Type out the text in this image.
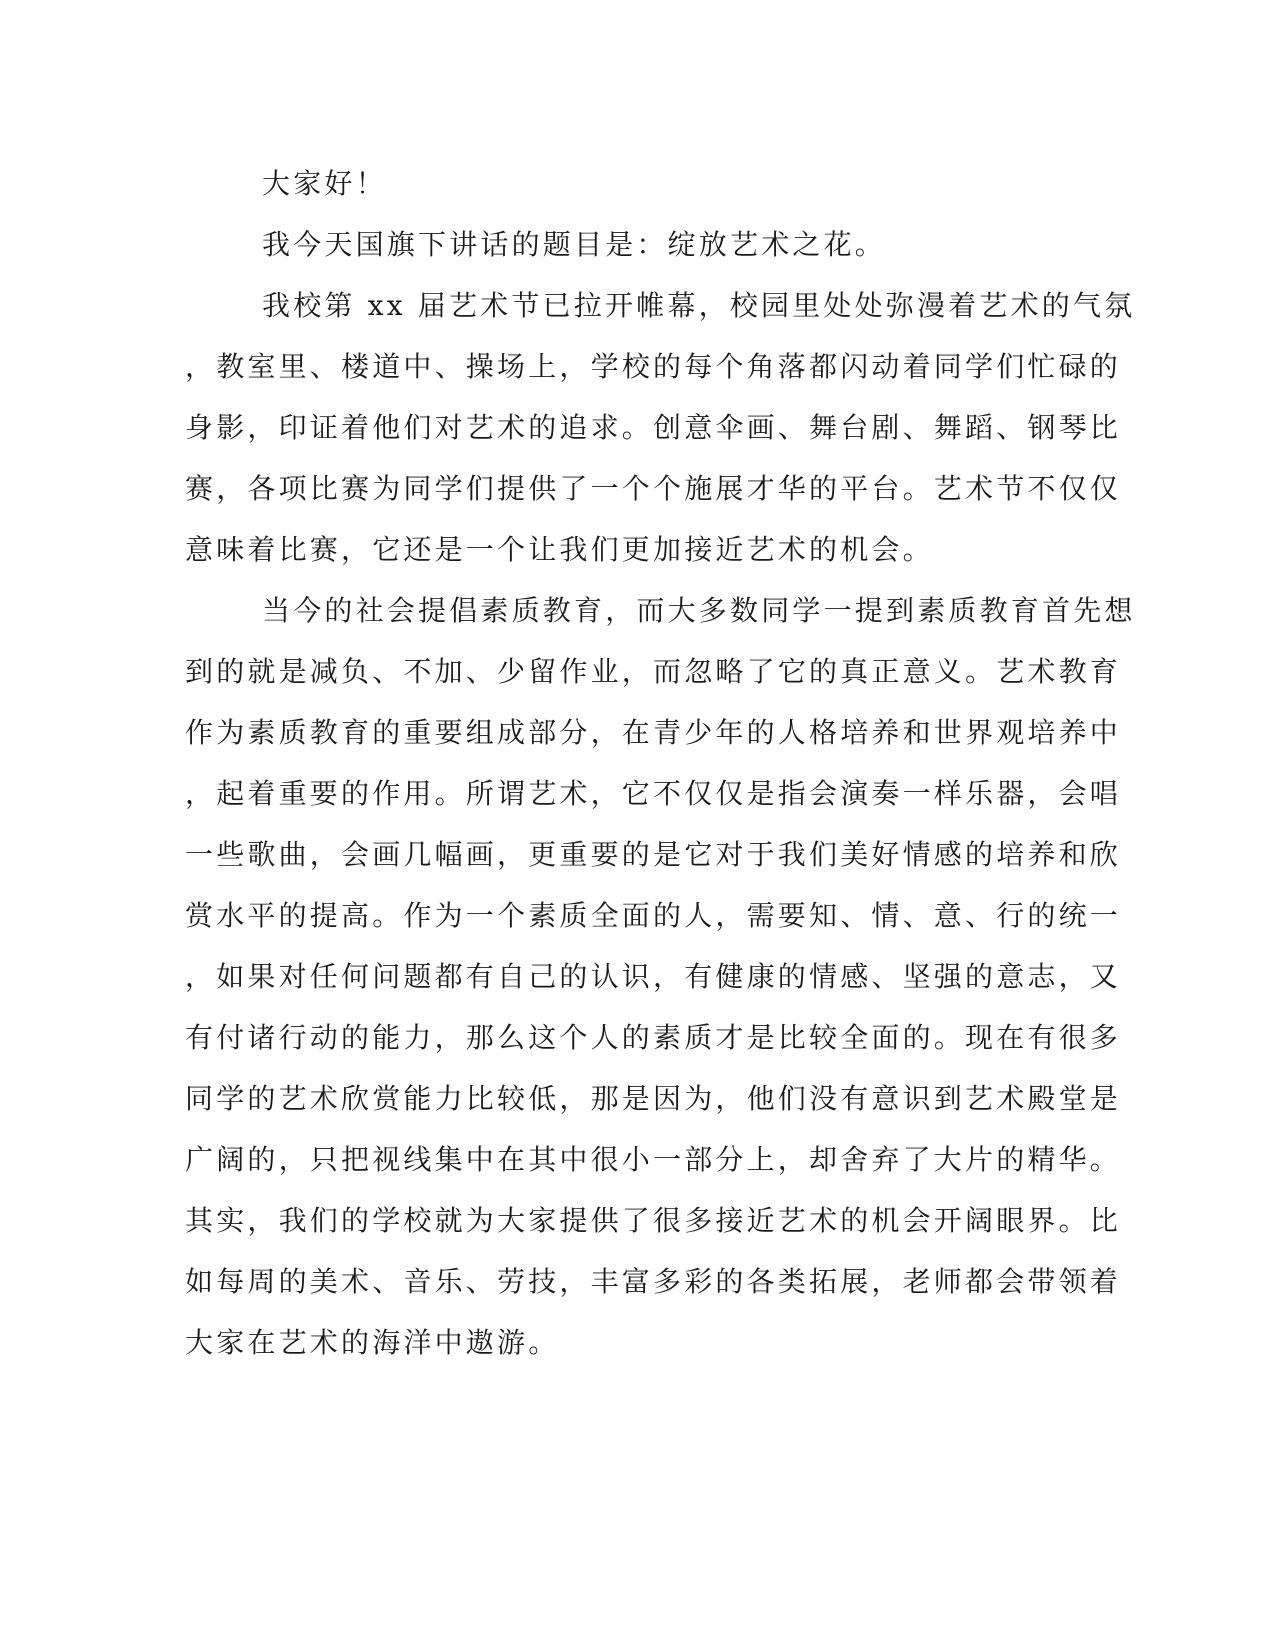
大家好！
我今天国旗下讲话的题目是：绽放艺术之花。
我校第 xx 届艺术节已拉开帷幕，校园里处处弥漫着艺术的气氛
，教室里、楼道中、操场上，学校的每个角落都闪动着同学们忙碌的
身影，印证着他们对艺术的追求。创意伞画、舞台剧、舞蹈、钢琴比
赛，各项比赛为同学们提供了一个个施展才华的平台。艺术节不仅仅
意味着比赛，它还是一个让我们更加接近艺术的机会。
当今的社会提倡素质教育，而大多数同学一提到素质教育首先想
到的就是减负、不加、少留作业，而忽略了它的真正意义。艺术教育
作为素质教育的重要组成部分，在青少年的人格培养和世界观培养中
，起着重要的作用。所谓艺术，它不仅仅是指会演奏一样乐器，会唱
一些歌曲，会画几幅画，更重要的是它对于我们美好情感的培养和欣
赏水平的提高。作为一个素质全面的人，需要知、情、意、行的统一
，如果对任何问题都有自己的认识，有健康的情感、坚强的意志，又
有付诸行动的能力，那么这个人的素质才是比较全面的。现在有很多
同学的艺术欣赏能力比较低，那是因为，他们没有意识到艺术殿堂是
广阔的，只把视线集中在其中很小一部分上，却舍弃了大片的精华。
其实，我们的学校就为大家提供了很多接近艺术的机会开阔眼界。比
如每周的美术、音乐、劳技，丰富多彩的各类拓展，老师都会带领着
大家在艺术的海洋中遨游。
